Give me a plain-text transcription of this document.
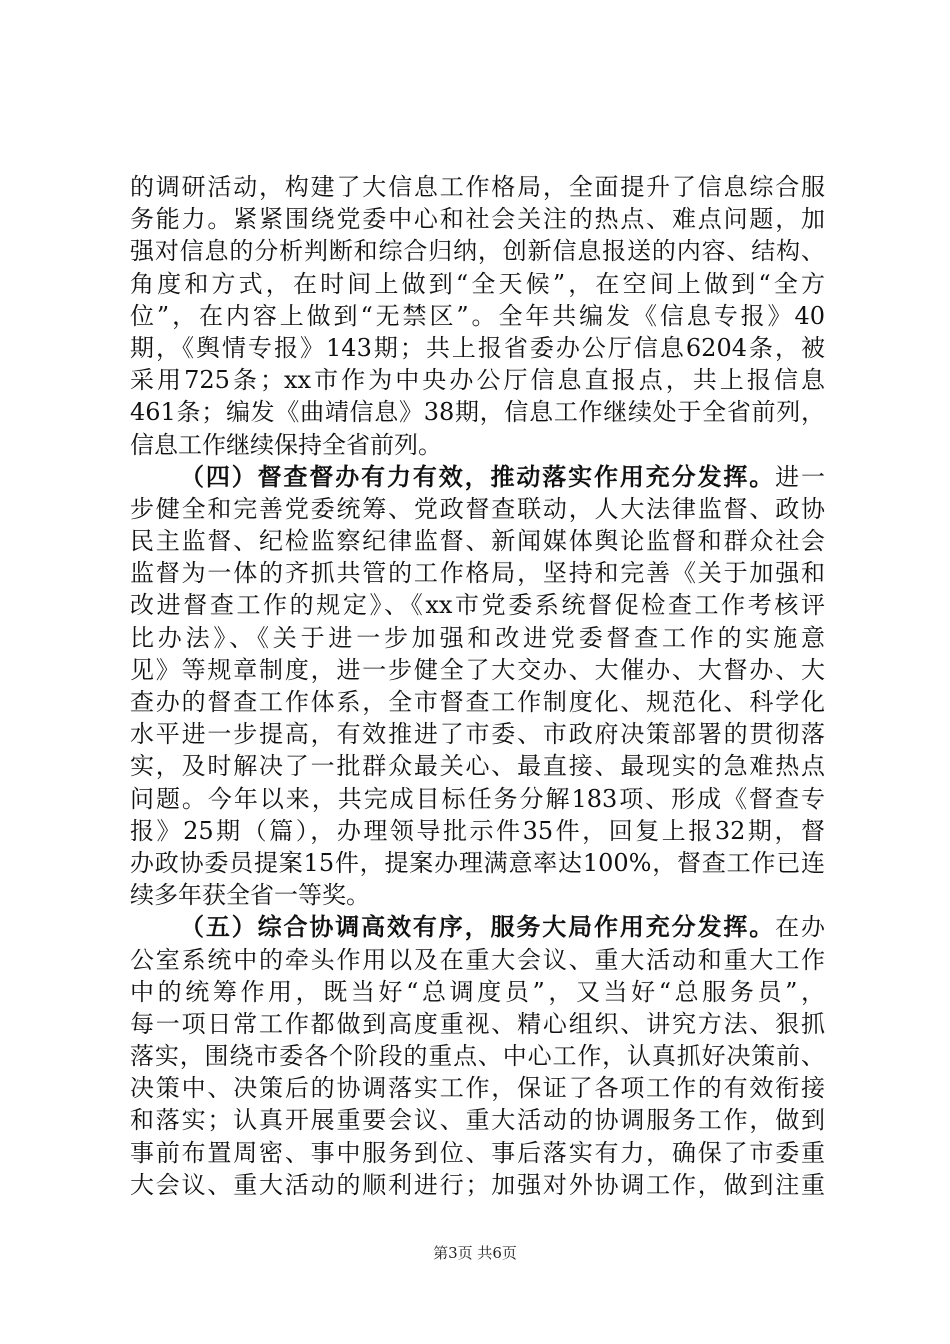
的调研活动，构建了大信息工作格局，全面提升了信息综合服
务能力。紧紧围绕党委中心和社会关注的热点、难点问题，加
强对信息的分析判断和综合归纳，创新信息报送的内容、结构、
角度和方式，在时间上做到“全天候”，在空间上做到“全方
位”，在内容上做到“无禁区”。全年共编发《信息专报》40
期，《舆情专报》143期；共上报省委办公厅信息6204条，被
采用725条；xx市作为中央办公厅信息直报点，共上报信息
461条；编发《曲靖信息》38期，信息工作继续处于全省前列，
信息工作继续保持全省前列。
（四）督查督办有力有效，推动落实作用充分发挥。进一
步健全和完善党委统筹、党政督查联动，人大法律监督、政协
民主监督、纪检监察纪律监督、新闻媒体舆论监督和群众社会
监督为一体的齐抓共管的工作格局，坚持和完善《关于加强和
改进督查工作的规定》、《xx市党委系统督促检查工作考核评
比办法》、《关于进一步加强和改进党委督查工作的实施意
见》等规章制度，进一步健全了大交办、大催办、大督办、大
查办的督查工作体系，全市督查工作制度化、规范化、科学化
水平进一步提高，有效推进了市委、市政府决策部署的贯彻落
实，及时解决了一批群众最关心、最直接、最现实的急难热点
问题。今年以来，共完成目标任务分解183项、形成《督查专
报》25期（篇），办理领导批示件35件，回复上报32期，督
办政协委员提案15件，提案办理满意率达100%，督查工作已连
续多年获全省一等奖。
（五）综合协调高效有序，服务大局作用充分发挥。在办
公室系统中的牵头作用以及在重大会议、重大活动和重大工作
中的统筹作用，既当好“总调度员”，又当好“总服务员”，
每一项日常工作都做到高度重视、精心组织、讲究方法、狠抓
落实，围绕市委各个阶段的重点、中心工作，认真抓好决策前、
决策中、决策后的协调落实工作，保证了各项工作的有效衔接
和落实；认真开展重要会议、重大活动的协调服务工作，做到
事前布置周密、事中服务到位、事后落实有力，确保了市委重
大会议、重大活动的顺利进行；加强对外协调工作，做到注重
第3页 共6页
